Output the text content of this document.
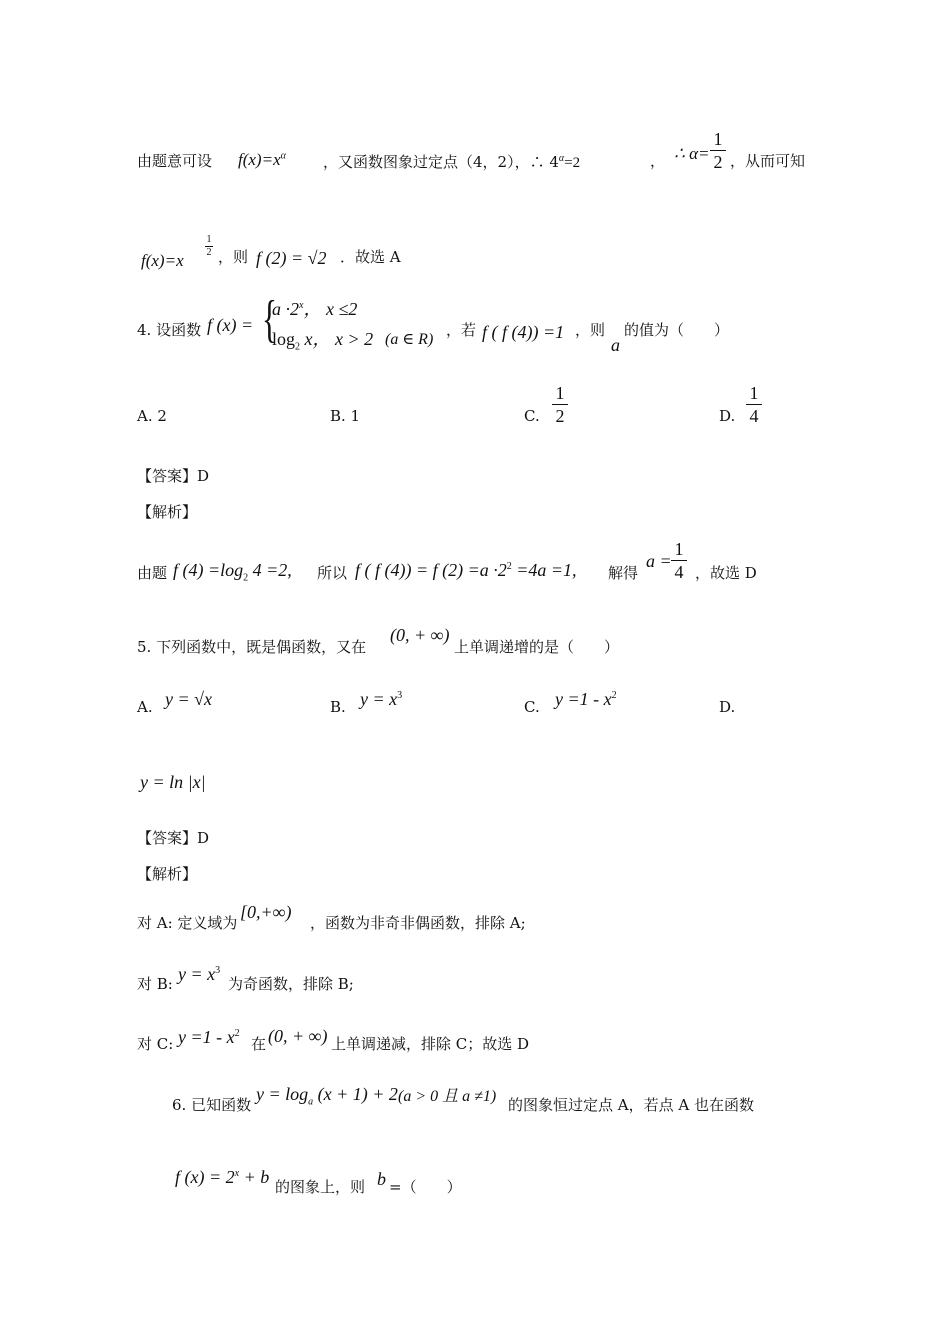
由题意可设 $f(x)=x^\alpha$ ，又函数图象过定点（4，2），∴ $4^\alpha=2$	， ∴ α=
1
2 ，从而可知
f(x)=x
1
2 ，则 f (2) = √2 ．故选 A
4. 设函数 f (x) = {
$a \cdot 2^x$， x ≤2
$\log_2 x$， x > 2 (a ∈ R)
，若 f ( f (4)) =1 ，则
a
的值为（　　）
A. 2	B. 1	C.
1
2	D.
1
4
【答案】D
【解析】
由题 f $(4) =\log_2$ 4 =2, 所以 f ( f (4)) = f $(2) =a \cdot 2^2 =4a =1$, 解得
a =
1
4 ，故选 D
5. 下列函数中，既是偶函数，又在
(0, + ∞)
上单调递增的是（　　）
A. y = √x	B. $y = x^3$
C. $y =1 - x^2$
D.
y = ln |x|
【答案】D
【解析】
对 A: 定义域为
[0,+∞)
，函数为非奇非偶函数，排除 A;
对 B: $y = x^3$
为奇函数，排除 B;
对 C: $y =1 - x^2$
在 (0, + ∞) 上单调递减，排除 C；故选 D
6. 已知函数
$y = \log_a (x + 1) + 2$ (a > 0 且 a ≠1) 的图象恒过定点 A，若点 A 也在函数
f $(x) = 2^x + b$ 的图象上，则 b =（　　）
